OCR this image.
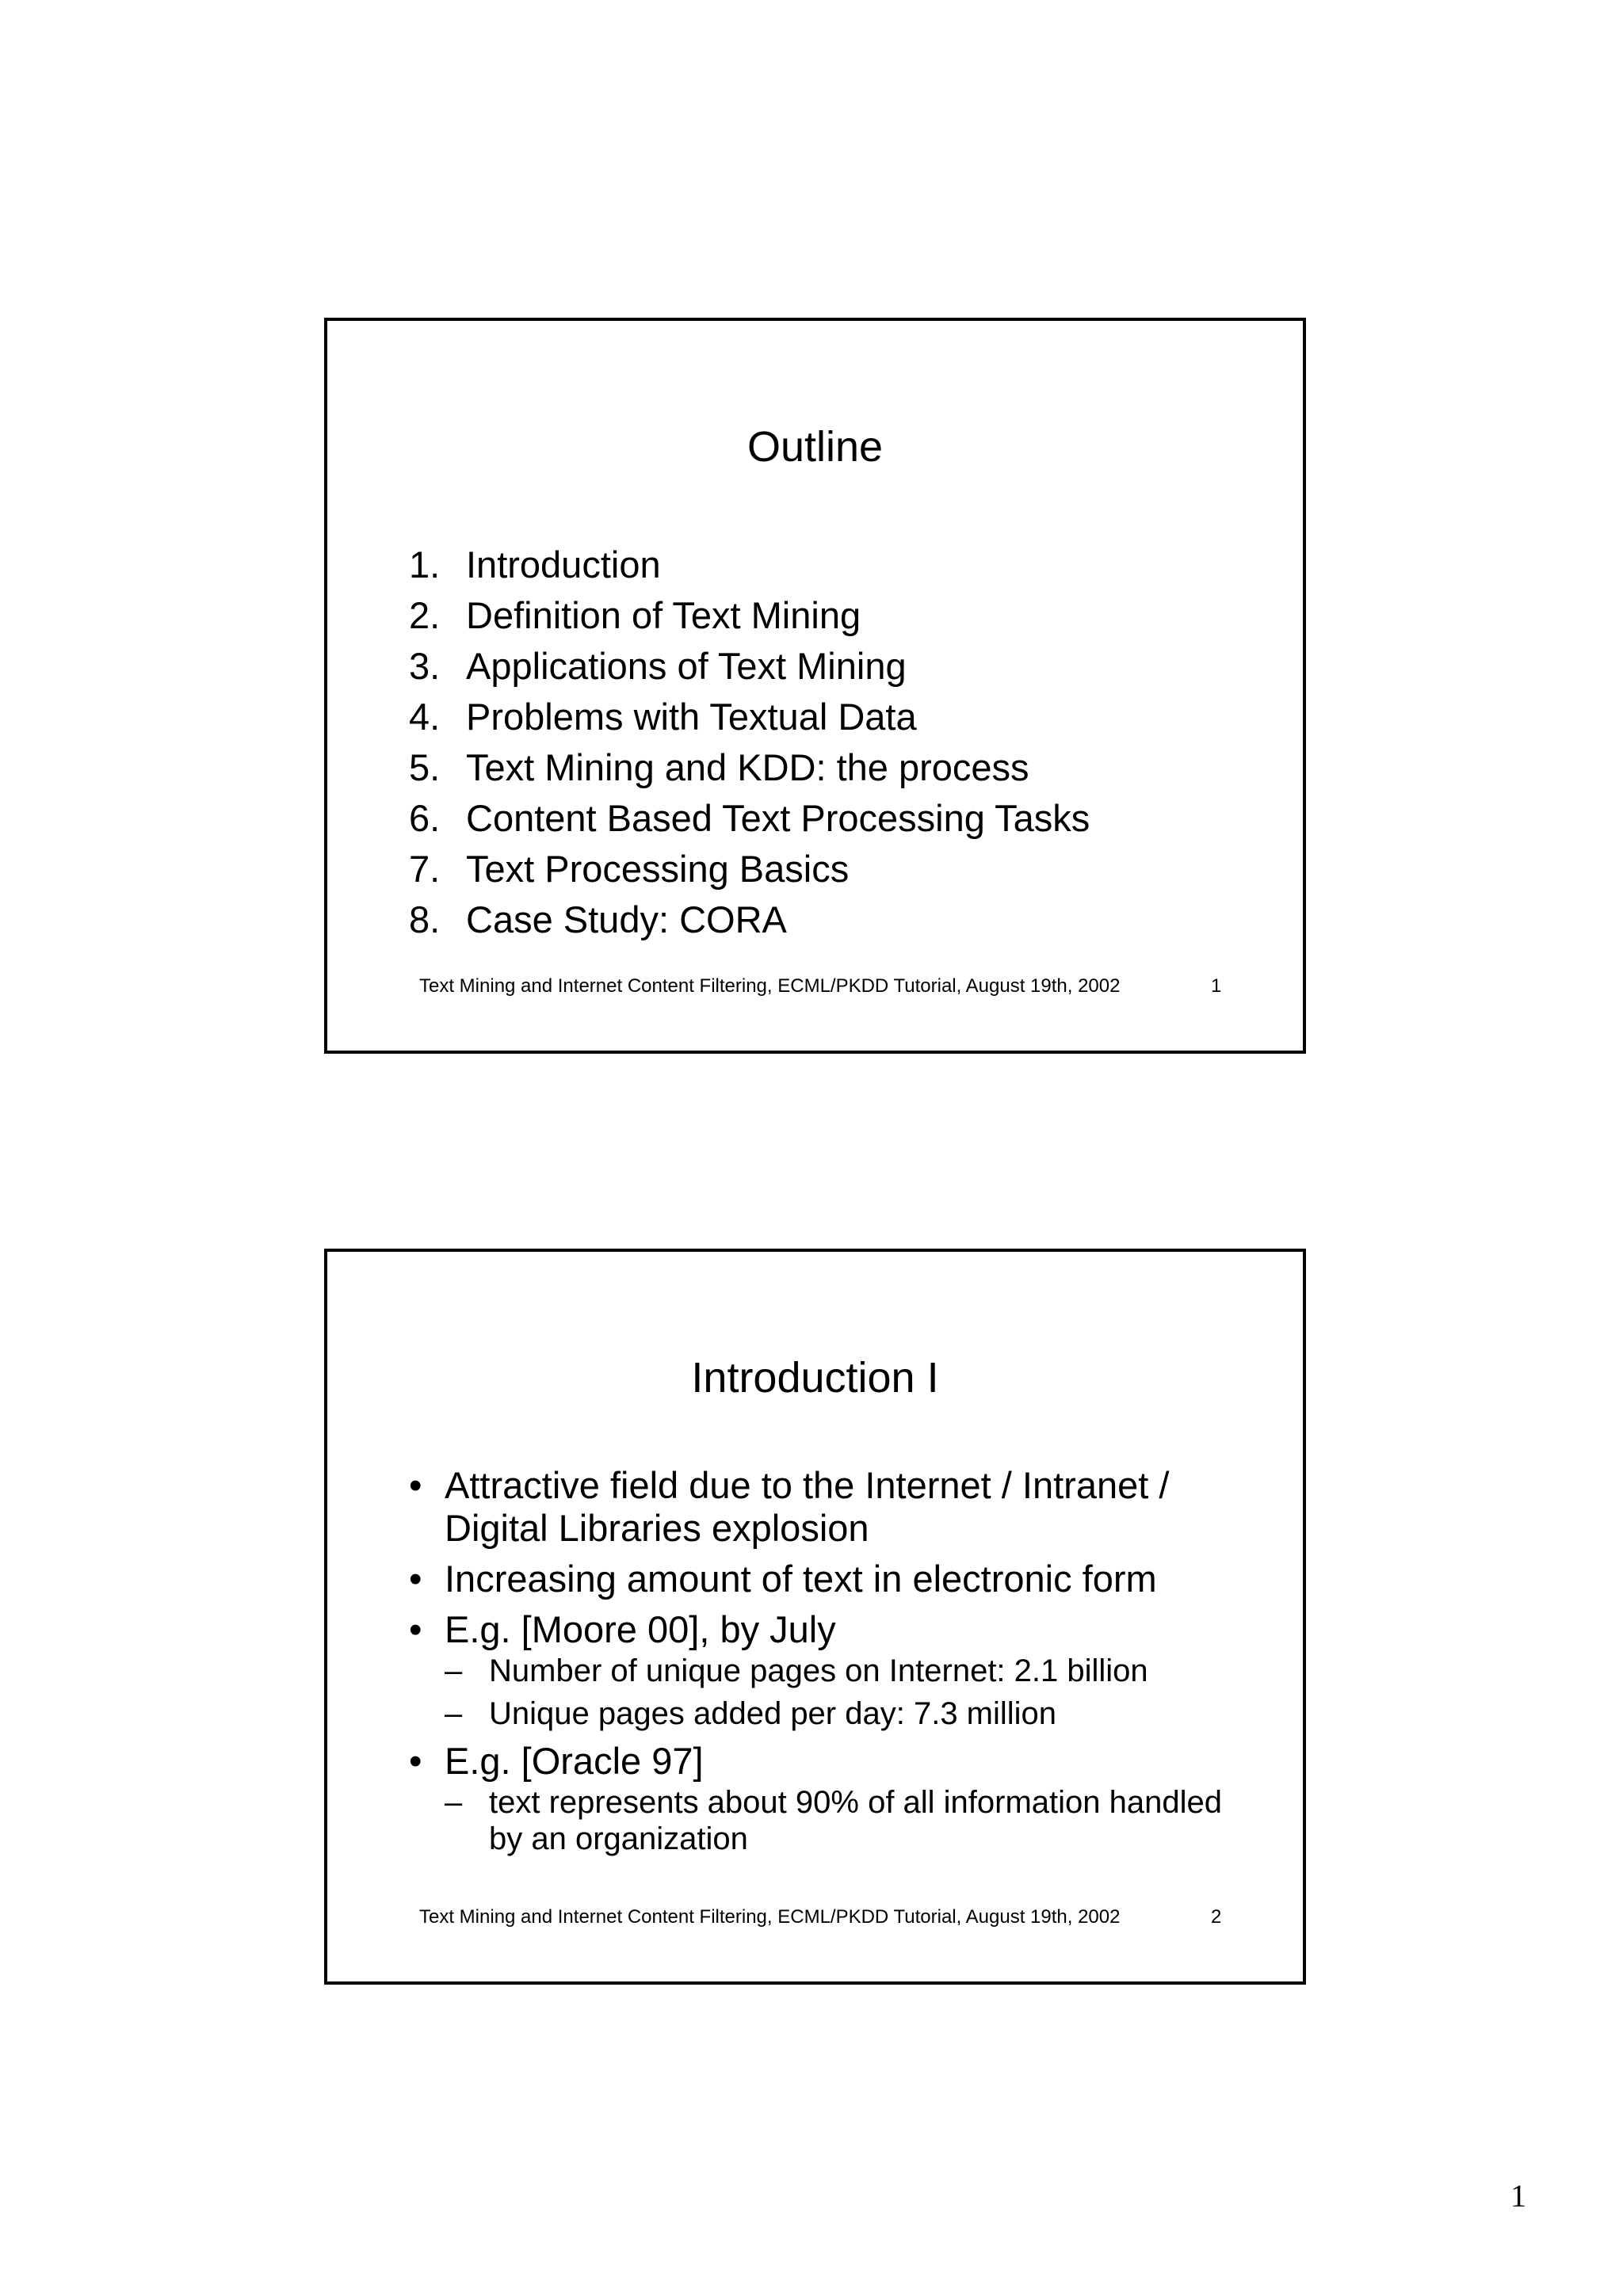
Outline
1. Introduction
2. Definition of Text Mining
3. Applications of Text Mining
4. Problems with Textual Data
5. Text Mining and KDD: the process
6. Content Based Text Processing Tasks
7. Text Processing Basics
8. Case Study: CORA
Text Mining and Internet Content Filtering, ECML/PKDD Tutorial, August 19th, 2002	1
Introduction I
• Attractive field due to the Internet / Intranet / Digital Libraries explosion
• Increasing amount of text in electronic form
• E.g. [Moore 00], by July
– Number of unique pages on Internet: 2.1 billion
– Unique pages added per day: 7.3 million
• E.g. [Oracle 97]
– text represents about 90% of all information handled by an organization
Text Mining and Internet Content Filtering, ECML/PKDD Tutorial, August 19th, 2002	2
1
